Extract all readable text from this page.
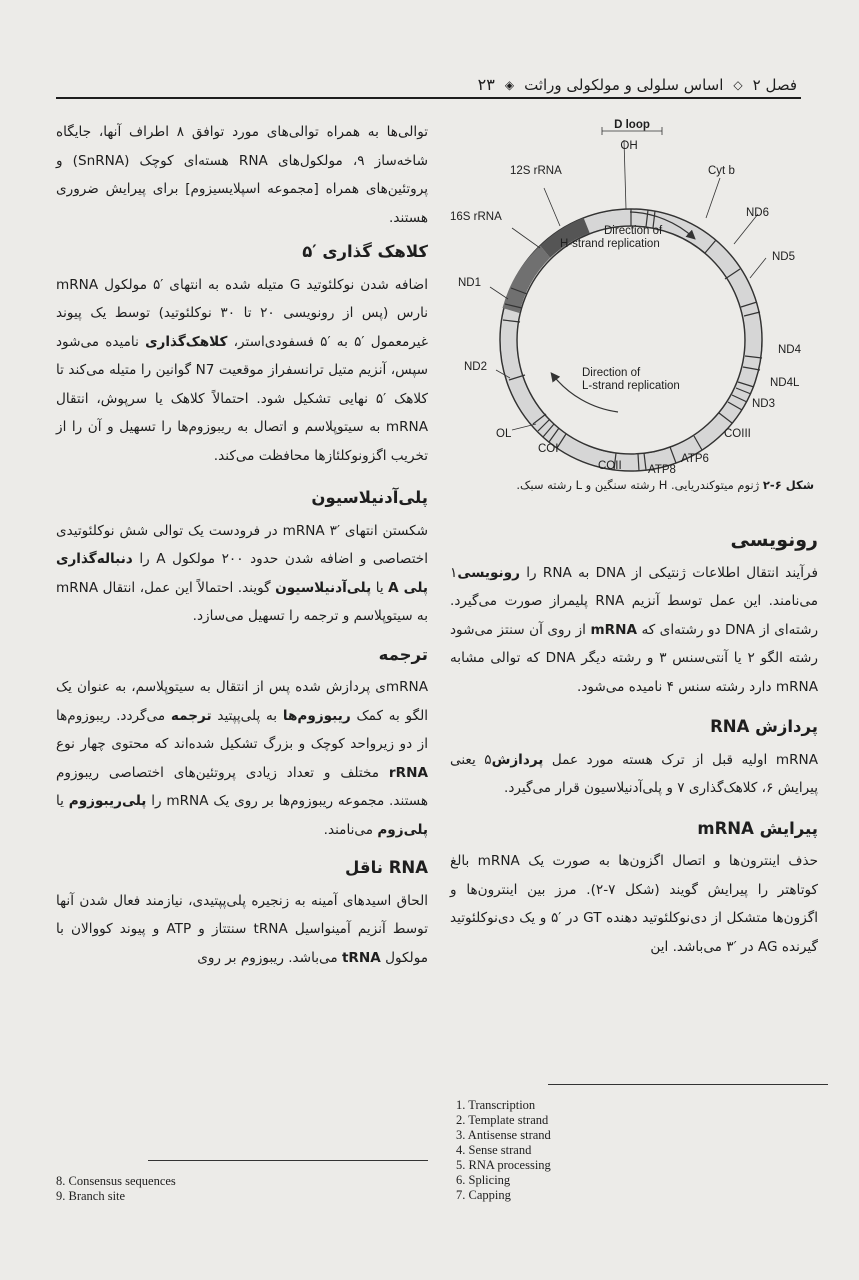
فصل ۲
◇
اساس سلولی و مولکولی وراثت
◈
۲۳
D loop
OH
12S rRNA
16S rRNA
Cyt b
ND6
ND5
ND1
ND2
ND4
ND4L
ND3
COIII
OL
COI
COII ATP8
ATP6
Direction of
H-strand replication
Direction of
L-strand replication
شکل ۶-۲ ژنوم میتوکندریایی. H رشته سنگین و L رشته سبک.

توالی‌ها به همراه توالی‌های مورد توافق ۸ اطراف آنها، جایگاه شاخه‌ساز ۹، مولکول‌های RNA هسته‌ای کوچک (SnRNA) و پروتئین‌های همراه [مجموعه اسپلایسیزوم] برای پیرایش ضروری هستند.

کلاهک گذاری ′۵

اضافه شدن نوکلئوتید G متیله شده به انتهای ′۵ مولکول mRNA نارس (پس از رونویسی ۲۰ تا ۳۰ نوکلئوتید) توسط یک پیوند غیرمعمول ′۵ به ′۵ فسفودی‌استر، کلاهک‌گذاری نامیده می‌شود سپس، آنزیم متیل ترانسفراز موقعیت N7 گوانین را متیله می‌کند تا کلاهک ′۵ نهایی تشکیل شود. احتمالاً کلاهک یا سرپوش، انتقال mRNA به سیتوپلاسم و اتصال به ریبوزوم‌ها را تسهیل و آن را از تخریب اگزونوکلئازها محافظت می‌کند.

پلی‌آدنیلاسیون

شکستن انتهای ′۳ mRNA در فرودست یک توالی شش نوکلئوتیدی اختصاصی و اضافه شدن حدود ۲۰۰ مولکول A را دنباله‌گذاری پلی A یا پلی‌آدنیلاسیون گویند. احتمالاً این عمل، انتقال mRNA به سیتوپلاسم و ترجمه را تسهیل می‌سازد.

ترجمه

mRNAی پردازش شده پس از انتقال به سیتوپلاسم، به عنوان یک الگو به کمک ریبوزوم‌ها به پلی‌پپتید ترجمه می‌گردد. ریبوزوم‌ها از دو زیرواحد کوچک و بزرگ تشکیل شده‌اند که محتوی چهار نوع rRNA مختلف و تعداد زیادی پروتئین‌های اختصاصی ریبوزوم هستند. مجموعه ریبوزوم‌ها بر روی یک mRNA را پلی‌ریبوزوم یا پلی‌زوم می‌نامند.

RNA ناقل

الحاق اسیدهای آمینه به زنجیره پلی‌پپتیدی، نیازمند فعال شدن آنها توسط آنزیم آمینواسیل tRNA سنتتاز و ATP و پیوند کووالان با مولکول tRNA می‌باشد. ریبوزوم بر روی

رونویسی

فرآیند انتقال اطلاعات ژنتیکی از DNA به RNA را رونویسی۱ می‌نامند. این عمل توسط آنزیم RNA پلیمراز صورت می‌گیرد. رشته‌ای از DNA دو رشته‌ای که mRNA از روی آن سنتز می‌شود رشته الگو ۲ یا آنتی‌سنس ۳ و رشته دیگر DNA که توالی مشابه mRNA دارد رشته سنس ۴ نامیده می‌شود.

پردازش RNA

mRNA اولیه قبل از ترک هسته مورد عمل پردازش۵ یعنی پیرایش ۶، کلاهک‌گذاری ۷ و پلی‌آدنیلاسیون قرار می‌گیرد.

پیرایش mRNA

حذف اینترون‌ها و اتصال اگزون‌ها به صورت یک mRNA بالغ کوتاهتر را پیرایش گویند (شکل ۷-۲). مرز بین اینترون‌ها و اگزون‌ها متشکل از دی‌نوکلئوتید دهنده GT در ′۵ و یک دی‌نوکلئوتید گیرنده AG در ′۳ می‌باشد. این

1. Transcription
2. Template strand
3. Antisense strand
4. Sense strand
5. RNA processing
6. Splicing
7. Capping
8. Consensus sequences
9. Branch site
